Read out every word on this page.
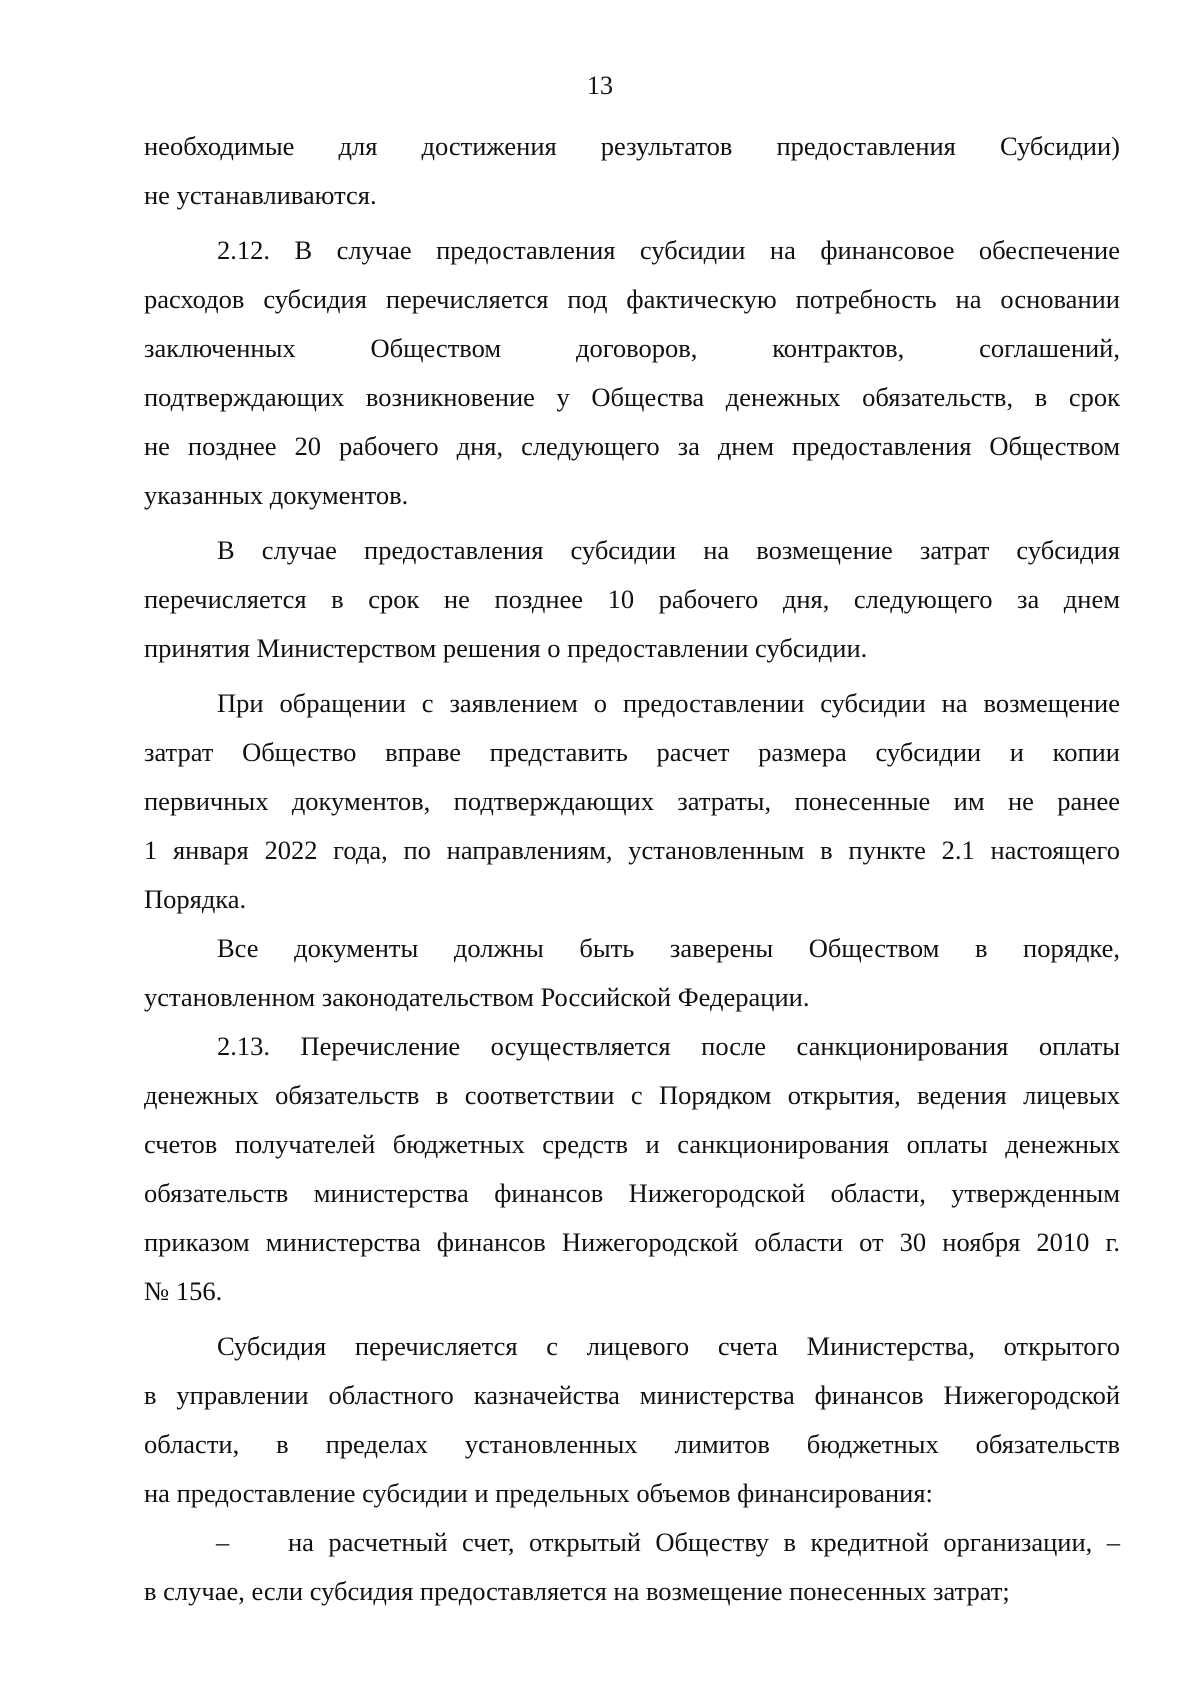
13
необходимые для достижения результатов предоставления Субсидии)
не устанавливаются.
2.12. В случае предоставления субсидии на финансовое обеспечение
расходов субсидия перечисляется под фактическую потребность на основании
заключенных Обществом договоров, контрактов, соглашений,
подтверждающих возникновение у Общества денежных обязательств, в срок
не позднее 20 рабочего дня, следующего за днем предоставления Обществом
указанных документов.
В случае предоставления субсидии на возмещение затрат субсидия
перечисляется в срок не позднее 10 рабочего дня, следующего за днем
принятия Министерством решения о предоставлении субсидии.
При обращении с заявлением о предоставлении субсидии на возмещение
затрат Общество вправе представить расчет размера субсидии и копии
первичных документов, подтверждающих затраты, понесенные им не ранее
1 января 2022 года, по направлениям, установленным в пункте 2.1 настоящего
Порядка.
Все документы должны быть заверены Обществом в порядке,
установленном законодательством Российской Федерации.
2.13. Перечисление осуществляется после санкционирования оплаты
денежных обязательств в соответствии с Порядком открытия, ведения лицевых
счетов получателей бюджетных средств и санкционирования оплаты денежных
обязательств министерства финансов Нижегородской области, утвержденным
приказом министерства финансов Нижегородской области от 30 ноября 2010 г.
№ 156.
Субсидия перечисляется с лицевого счета Министерства, открытого
в управлении областного казначейства министерства финансов Нижегородской
области, в пределах установленных лимитов бюджетных обязательств
на предоставление субсидии и предельных объемов финансирования:
– на расчетный счет, открытый Обществу в кредитной организации, –
в случае, если субсидия предоставляется на возмещение понесенных затрат;
